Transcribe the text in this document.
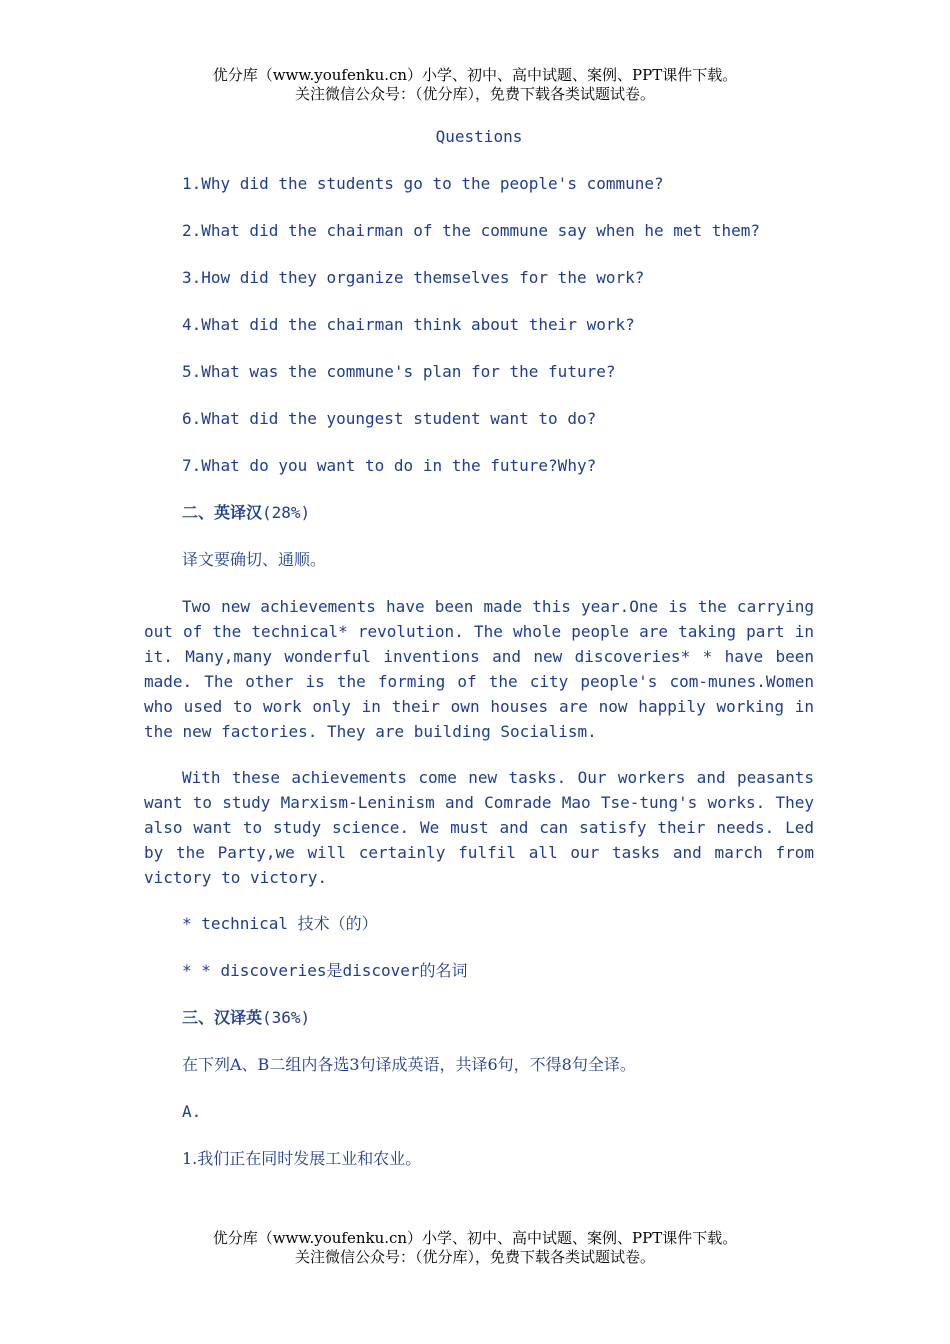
优分库（www.youfenku.cn）小学、初中、高中试题、案例、PPT课件下载。
关注微信公众号：（优分库），免费下载各类试题试卷。
Questions
1.Why did the students go to the people's commune?
2.What did the chairman of the commune say when he met them?
3.How did they organize themselves for the work?
4.What did the chairman think about their work?
5.What was the commune's plan for the future?
6.What did the youngest student want to do?
7.What do you want to do in the future?Why?
二、英译汉(28%)
译文要确切、通顺。
Two new achievements have been made this year.One is the carrying out of the technical* revolution. The whole people are taking part in it. Many,many wonderful inventions and new discoveries* * have been made. The other is the forming of the city people's com-munes.Women who used to work only in their own houses are now happily working in the new factories. They are building Socialism.
With these achievements come new tasks. Our workers and peasants want to study Marxism-Leninism and Comrade Mao Tse-tung's works. They also want to study science. We must and can satisfy their needs. Led by the Party,we will certainly fulfil all our tasks and march from victory to victory.
* technical 技术（的）
* * discoveries是discover的名词
三、汉译英(36%)
在下列A、B二组内各选3句译成英语，共译6句，不得8句全译。
A.
1.我们正在同时发展工业和农业。
优分库（www.youfenku.cn）小学、初中、高中试题、案例、PPT课件下载。
关注微信公众号：（优分库），免费下载各类试题试卷。
